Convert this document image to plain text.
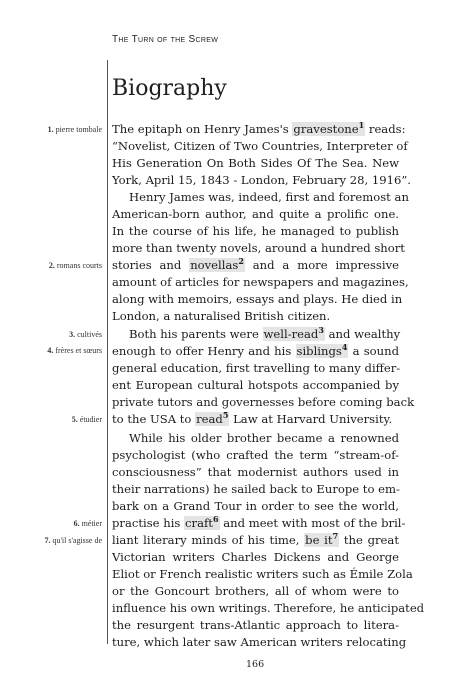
The Turn of the Screw
Biography
The epitaph on Henry James's gravestone$^1$ reads:
“Novelist, Citizen of Two Countries, Interpreter of
His Generation On Both Sides Of The Sea. New
York, April 15, 1843 - London, February 28, 1916”.
Henry James was, indeed, first and foremost an
American-born author, and quite a prolific one.
In the course of his life, he managed to publish
more than twenty novels, around a hundred short
stories and novellas$^2$ and a more impressive
amount of articles for newspapers and magazines,
along with memoirs, essays and plays. He died in
London, a naturalised British citizen.
Both his parents were well-read$^3$ and wealthy
enough to offer Henry and his siblings$^4$ a sound
general education, first travelling to many differ-
ent European cultural hotspots accompanied by
private tutors and governesses before coming back
to the USA to read$^5$ Law at Harvard University.
While his older brother became a renowned
psychologist (who crafted the term “stream-of-
consciousness” that modernist authors used in
their narrations) he sailed back to Europe to em-
bark on a Grand Tour in order to see the world,
practise his craft$^6$ and meet with most of the bril-
liant literary minds of his time, be $it^7$ the great
Victorian writers Charles Dickens and George
Eliot or French realistic writers such as Émile Zola
or the Goncourt brothers, all of whom were to
influence his own writings. Therefore, he anticipated
the resurgent trans-Atlantic approach to litera-
ture, which later saw American writers relocating
1. pierre tombale
2. romans courts
3. cultivés
4. frères et sœurs
5. étudier
6. métier
7. qu'il s'agisse de
166
